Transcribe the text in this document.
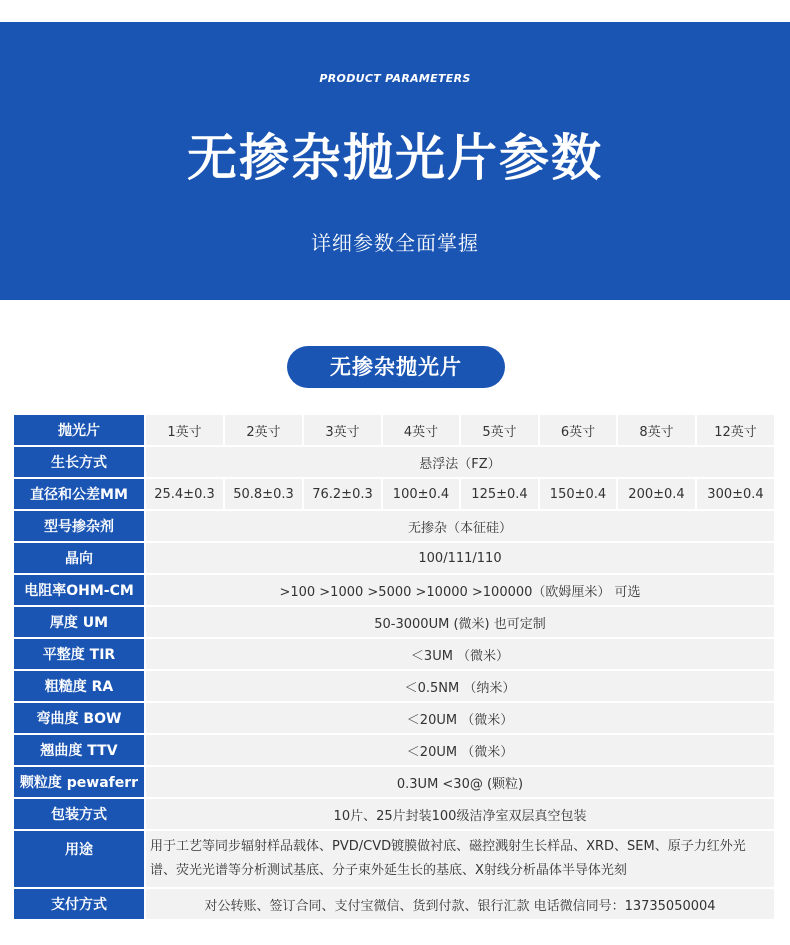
PRODUCT PARAMETERS
无掺杂抛光片参数
详细参数全面掌握
无掺杂抛光片
抛光片	1英寸	2英寸	3英寸	4英寸	5英寸	6英寸	8英寸	12英寸
生长方式	悬浮法（FZ）							
直径和公差MM	25.4±0.3	50.8±0.3	76.2±0.3	100±0.4	125±0.4	150±0.4	200±0.4	300±0.4
型号掺杂剂	无掺杂（本征硅）							
晶向	100/111/110							
电阻率OHM-CM	>100 >1000 >5000 >10000 >100000（欧姆厘米） 可选							
厚度 UM	50-3000UM (微米) 也可定制							
平整度 TIR	＜3UM （微米）							
粗糙度 RA	＜0.5NM （纳米）							
弯曲度 BOW	＜20UM （微米）							
翘曲度 TTV	＜20UM （微米）							
颗粒度 pewaferr	0.3UM <30@ (颗粒)							
包装方式	10片、25片封装100级洁净室双层真空包装							
用途	用于工艺等同步辐射样品载体、PVD/CVD镀膜做衬底、磁控溅射生长样品、XRD、SEM、原子力红外光谱、荧光光谱等分析测试基底、分子束外延生长的基底、X射线分析晶体半导体光刻							
支付方式	对公转账、签订合同、支付宝微信、货到付款、银行汇款 电话微信同号：13735050004							
